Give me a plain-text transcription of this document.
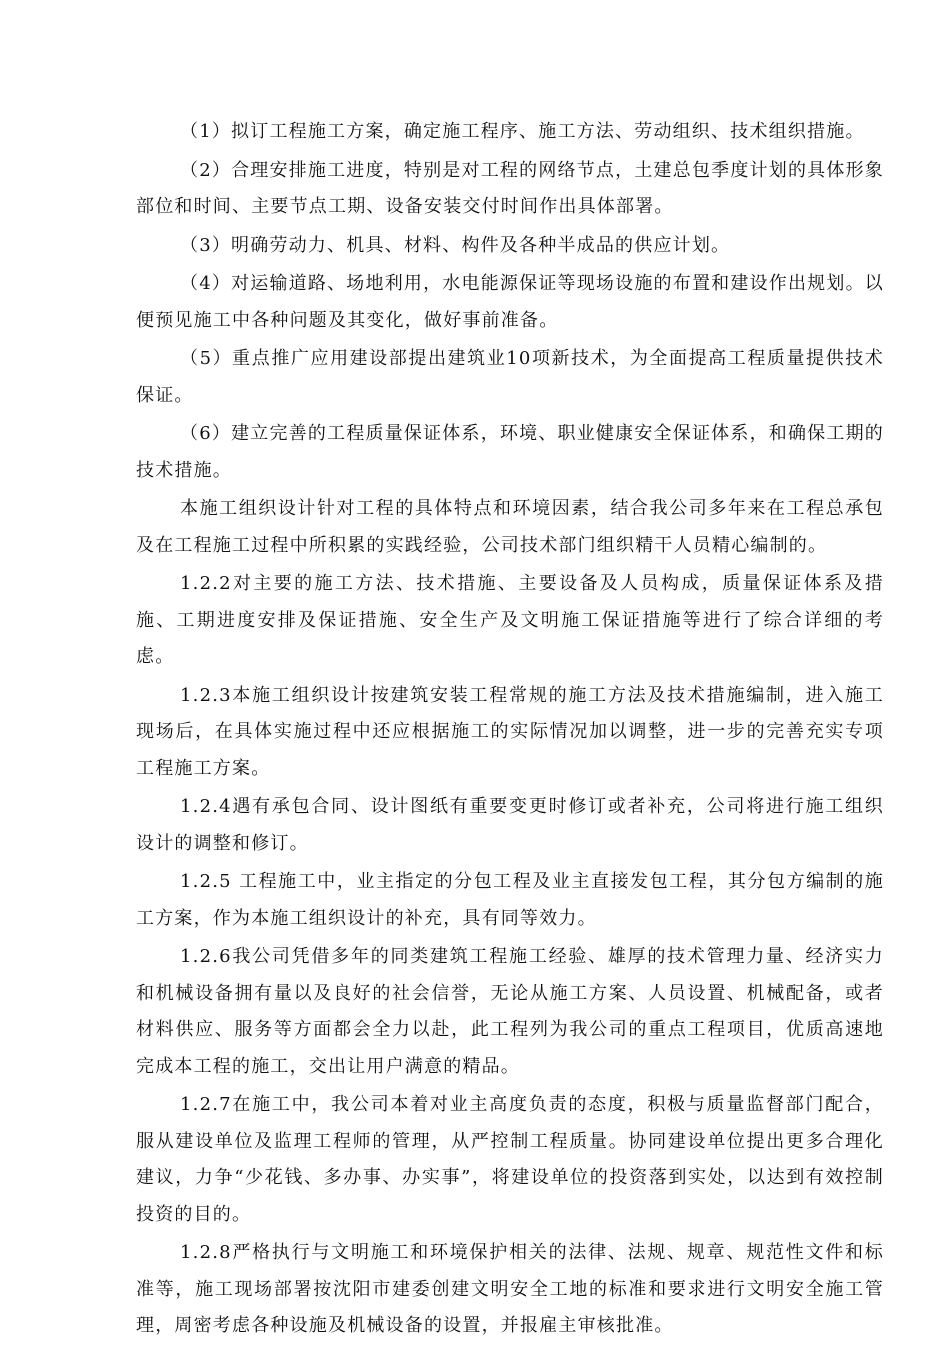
（1）拟订工程施工方案，确定施工程序、施工方法、劳动组织、技术组织措施。

（2）合理安排施工进度，特别是对工程的网络节点，土建总包季度计划的具体形象部位和时间、主要节点工期、设备安装交付时间作出具体部署。

（3）明确劳动力、机具、材料、构件及各种半成品的供应计划。

（4）对运输道路、场地利用，水电能源保证等现场设施的布置和建设作出规划。以便预见施工中各种问题及其变化，做好事前准备。

（5）重点推广应用建设部提出建筑业10项新技术，为全面提高工程质量提供技术保证。

（6）建立完善的工程质量保证体系，环境、职业健康安全保证体系，和确保工期的技术措施。

本施工组织设计针对工程的具体特点和环境因素，结合我公司多年来在工程总承包及在工程施工过程中所积累的实践经验，公司技术部门组织精干人员精心编制的。

1.2.2对主要的施工方法、技术措施、主要设备及人员构成，质量保证体系及措施、工期进度安排及保证措施、安全生产及文明施工保证措施等进行了综合详细的考虑。

1.2.3本施工组织设计按建筑安装工程常规的施工方法及技术措施编制，进入施工现场后，在具体实施过程中还应根据施工的实际情况加以调整，进一步的完善充实专项工程施工方案。

1.2.4遇有承包合同、设计图纸有重要变更时修订或者补充，公司将进行施工组织设计的调整和修订。

1.2.5 工程施工中，业主指定的分包工程及业主直接发包工程，其分包方编制的施工方案，作为本施工组织设计的补充，具有同等效力。

1.2.6我公司凭借多年的同类建筑工程施工经验、雄厚的技术管理力量、经济实力和机械设备拥有量以及良好的社会信誉，无论从施工方案、人员设置、机械配备，或者材料供应、服务等方面都会全力以赴，此工程列为我公司的重点工程项目，优质高速地完成本工程的施工，交出让用户满意的精品。

1.2.7在施工中，我公司本着对业主高度负责的态度，积极与质量监督部门配合，服从建设单位及监理工程师的管理，从严控制工程质量。协同建设单位提出更多合理化建议，力争“少花钱、多办事、办实事”，将建设单位的投资落到实处，以达到有效控制投资的目的。

1.2.8严格执行与文明施工和环境保护相关的法律、法规、规章、规范性文件和标准等，施工现场部署按沈阳市建委创建文明安全工地的标准和要求进行文明安全施工管理，周密考虑各种设施及机械设备的设置，并报雇主审核批准。
